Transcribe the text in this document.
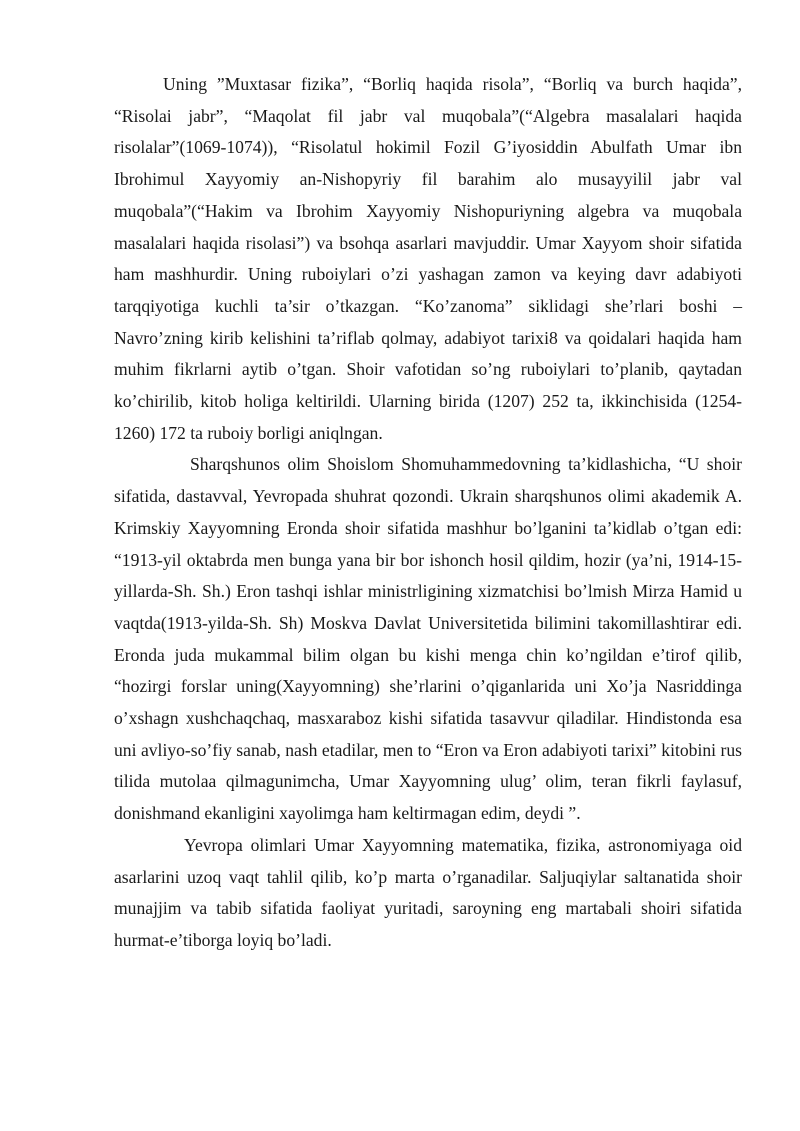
Uning ”Muxtasar fizika”, “Borliq haqida risola”, “Borliq va burch haqida”, “Risolai jabr”, “Maqolat fil jabr val muqobala”(“Algebra masalalari haqida risolalar”(1069-1074)), “Risolatul hokimil Fozil G’iyosiddin Abulfath Umar ibn Ibrohimul Xayyomiy an-Nishopyriy fil barahim alo musayyilil jabr val muqobala”(“Hakim va Ibrohim Xayyomiy Nishopuriyning algebra va muqobala masalalari haqida risolasi”) va bsohqa asarlari mavjuddir. Umar Xayyom shoir sifatida ham mashhurdir. Uning ruboiylari o’zi yashagan zamon va keying davr adabiyoti tarqqiyotiga kuchli ta’sir o’tkazgan. “Ko’zanoma” siklidagi she’rlari boshi – Navro’zning kirib kelishini ta’riflab qolmay, adabiyot tarixi8 va qoidalari haqida ham muhim fikrlarni aytib o’tgan. Shoir vafotidan so’ng ruboiylari to’planib, qaytadan ko’chirilib, kitob holiga keltirildi. Ularning birida (1207) 252 ta, ikkinchisida (1254-1260) 172 ta ruboiy borligi aniqlngan.

Sharqshunos olim Shoislom Shomuhammedovning ta’kidlashicha, “U shoir sifatida, dastavval, Yevropada shuhrat qozondi. Ukrain sharqshunos olimi akademik A. Krimskiy Xayyomning Eronda shoir sifatida mashhur bo’lganini ta’kidlab o’tgan edi: “1913-yil oktabrda men bunga yana bir bor ishonch hosil qildim, hozir (ya’ni, 1914-15-yillarda-Sh. Sh.) Eron tashqi ishlar ministrligining xizmatchisi bo’lmish Mirza Hamid u vaqtda(1913-yilda-Sh. Sh) Moskva Davlat Universitetida bilimini takomillashtirar edi. Eronda juda mukammal bilim olgan bu kishi menga chin ko’ngildan e’tirof qilib, “hozirgi forslar uning(Xayyomning) she’rlarini o’qiganlarida uni Xo’ja Nasriddinga o’xshagn xushchaqchaq, masxaraboz kishi sifatida tasavvur qiladilar. Hindistonda esa uni avliyo-so’fiy sanab, nash etadilar, men to “Eron va Eron adabiyoti tarixi” kitobini rus tilida mutolaa qilmagunimcha, Umar Xayyomning ulug’ olim, teran fikrli faylasuf, donishmand ekanligini xayolimga ham keltirmagan edim, deydi ”.

Yevropa olimlari Umar Xayyomning matematika, fizika, astronomiyaga oid asarlarini uzoq vaqt tahlil qilib, ko’p marta o’rganadilar. Saljuqiylar saltanatida shoir munajjim va tabib sifatida faoliyat yuritadi, saroyning eng martabali shoiri sifatida hurmat-e’tiborga loyiq bo’ladi.
